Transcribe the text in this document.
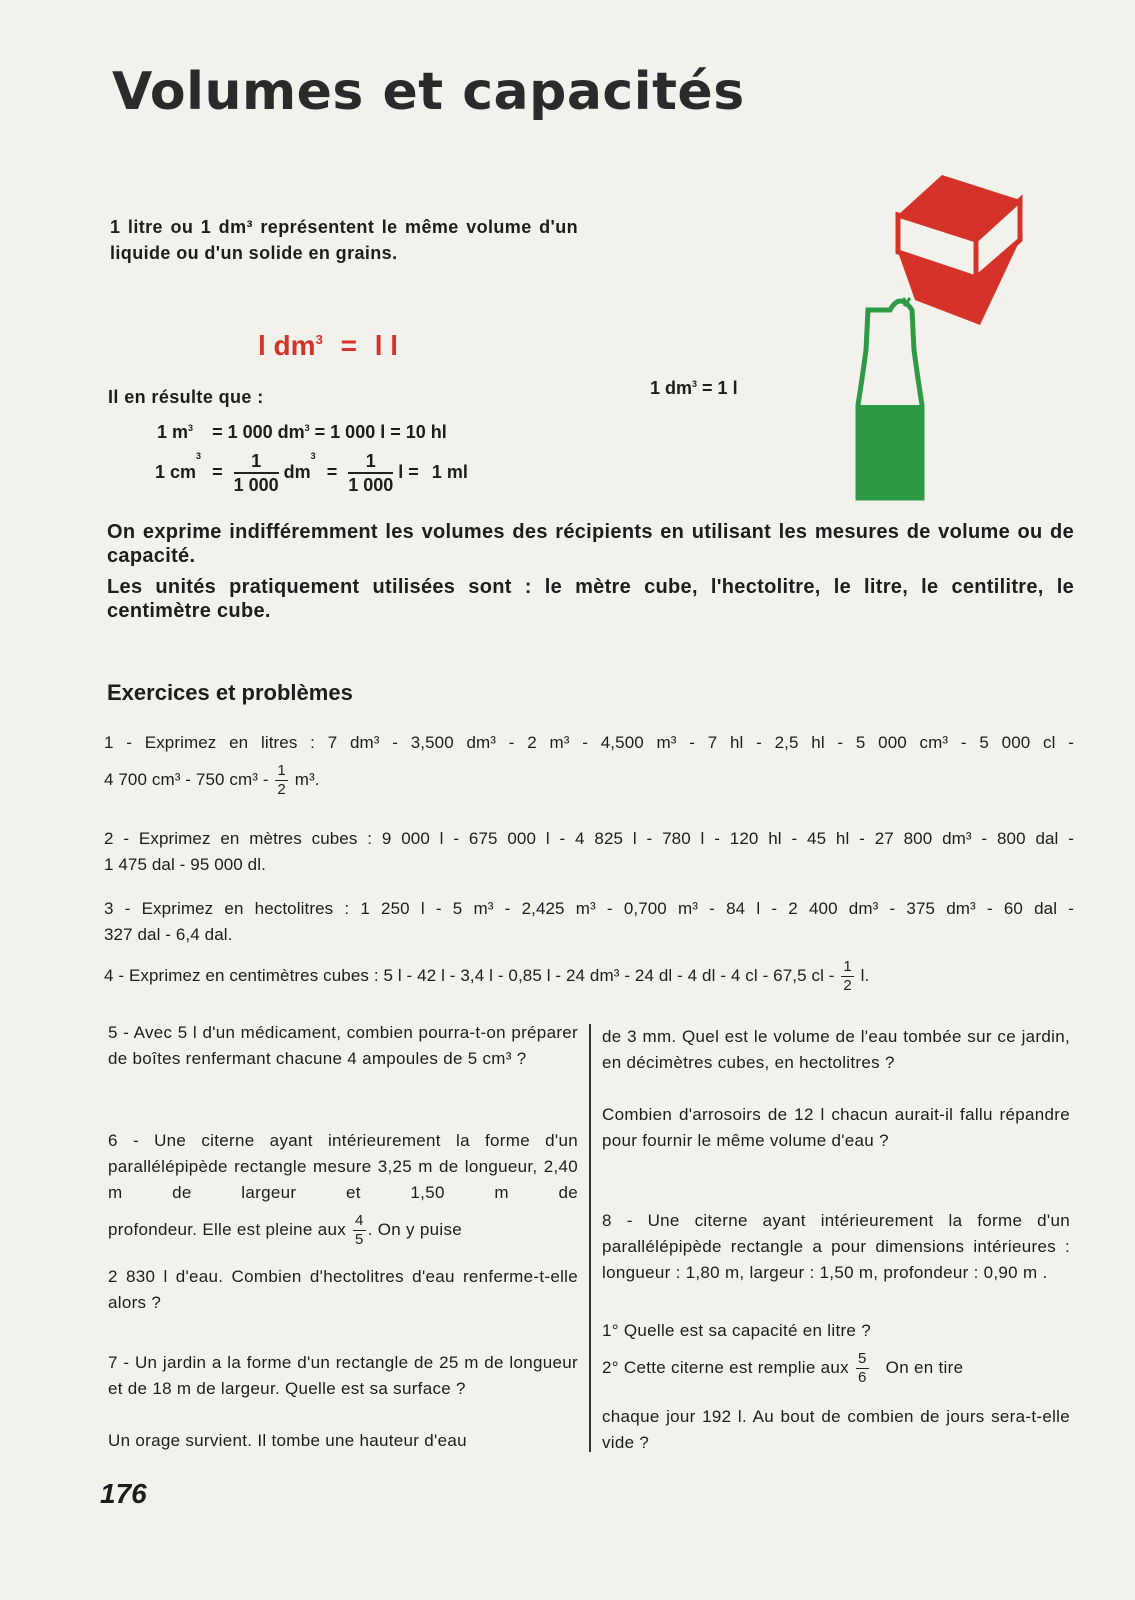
Volumes et capacités
1 litre ou 1 dm³ représentent le même volume d'un liquide ou d'un solide en grains.
l $dm^3 = l$ l
1 $dm^3 = 1$ l
Il en résulte que :
1 $m^3 = 1$ 000 $dm^3 = 1$ 000 l = 10 hl
1 $cm^3 = \frac{1}{1 000} dm^3 = \frac{1}{1 000}$ l = 1 ml
On exprime indifféremment les volumes des récipients en utilisant les mesures de volume ou de capacité.
Les unités pratiquement utilisées sont : le mètre cube, l'hectolitre, le litre, le centilitre, le centimètre cube.
Exercices et problèmes
1 - Exprimez en litres : 7 dm³ - 3,500 dm³ - 2 m³ - 4,500 m³ - 7 hl - 2,5 hl - 5 000 cm³ - 5 000 cl -
4 700 cm³ - 750 $cm^3 - \frac{1}{2} m^3$.
2 - Exprimez en mètres cubes : 9 000 l - 675 000 l - 4 825 l - 780 l - 120 hl - 45 hl - 27 800 dm³ - 800 dal -
1 475 dal - 95 000 dl.
3 - Exprimez en hectolitres : 1 250 l - 5 m³ - 2,425 m³ - 0,700 m³ - 84 l - 2 400 dm³ - 375 dm³ - 60 dal -
327 dal - 6,4 dal.
4 - Exprimez en centimètres cubes : 5 l - 42 l - 3,4 l - 0,85 l - 24 dm³ - 24 dl - 4 dl - 4 cl - 67,5 cl - $\frac{1}{2} l$.
5 - Avec 5 l d'un médicament, combien pourra-t-on préparer de boîtes renfermant chacune 4 ampoules de 5 cm³ ?
6 - Une citerne ayant intérieurement la forme d'un parallélépipède rectangle mesure 3,25 m de longueur, 2,40 m de largeur et 1,50 m de
profondeur. Elle est pleine aux $\frac{4}{5}$ . On y puise
2 830 l d'eau. Combien d'hectolitres d'eau renferme-t-elle alors ?
7 - Un jardin a la forme d'un rectangle de 25 m de longueur et de 18 m de largeur. Quelle est sa surface ?
Un orage survient. Il tombe une hauteur d'eau
de 3 mm. Quel est le volume de l'eau tombée sur ce jardin, en décimètres cubes, en hectolitres ?
Combien d'arrosoirs de 12 l chacun aurait-il fallu répandre pour fournir le même volume d'eau ?
8 - Une citerne ayant intérieurement la forme d'un parallélépipède rectangle a pour dimensions intérieures : longueur : 1,80 m, largeur : 1,50 m, profondeur : 0,90 m .
1° Quelle est sa capacité en litre ?
2° Cette citerne est remplie aux $\frac{5}{6}$ On en tire
chaque jour 192 l. Au bout de combien de jours sera-t-elle vide ?
176
